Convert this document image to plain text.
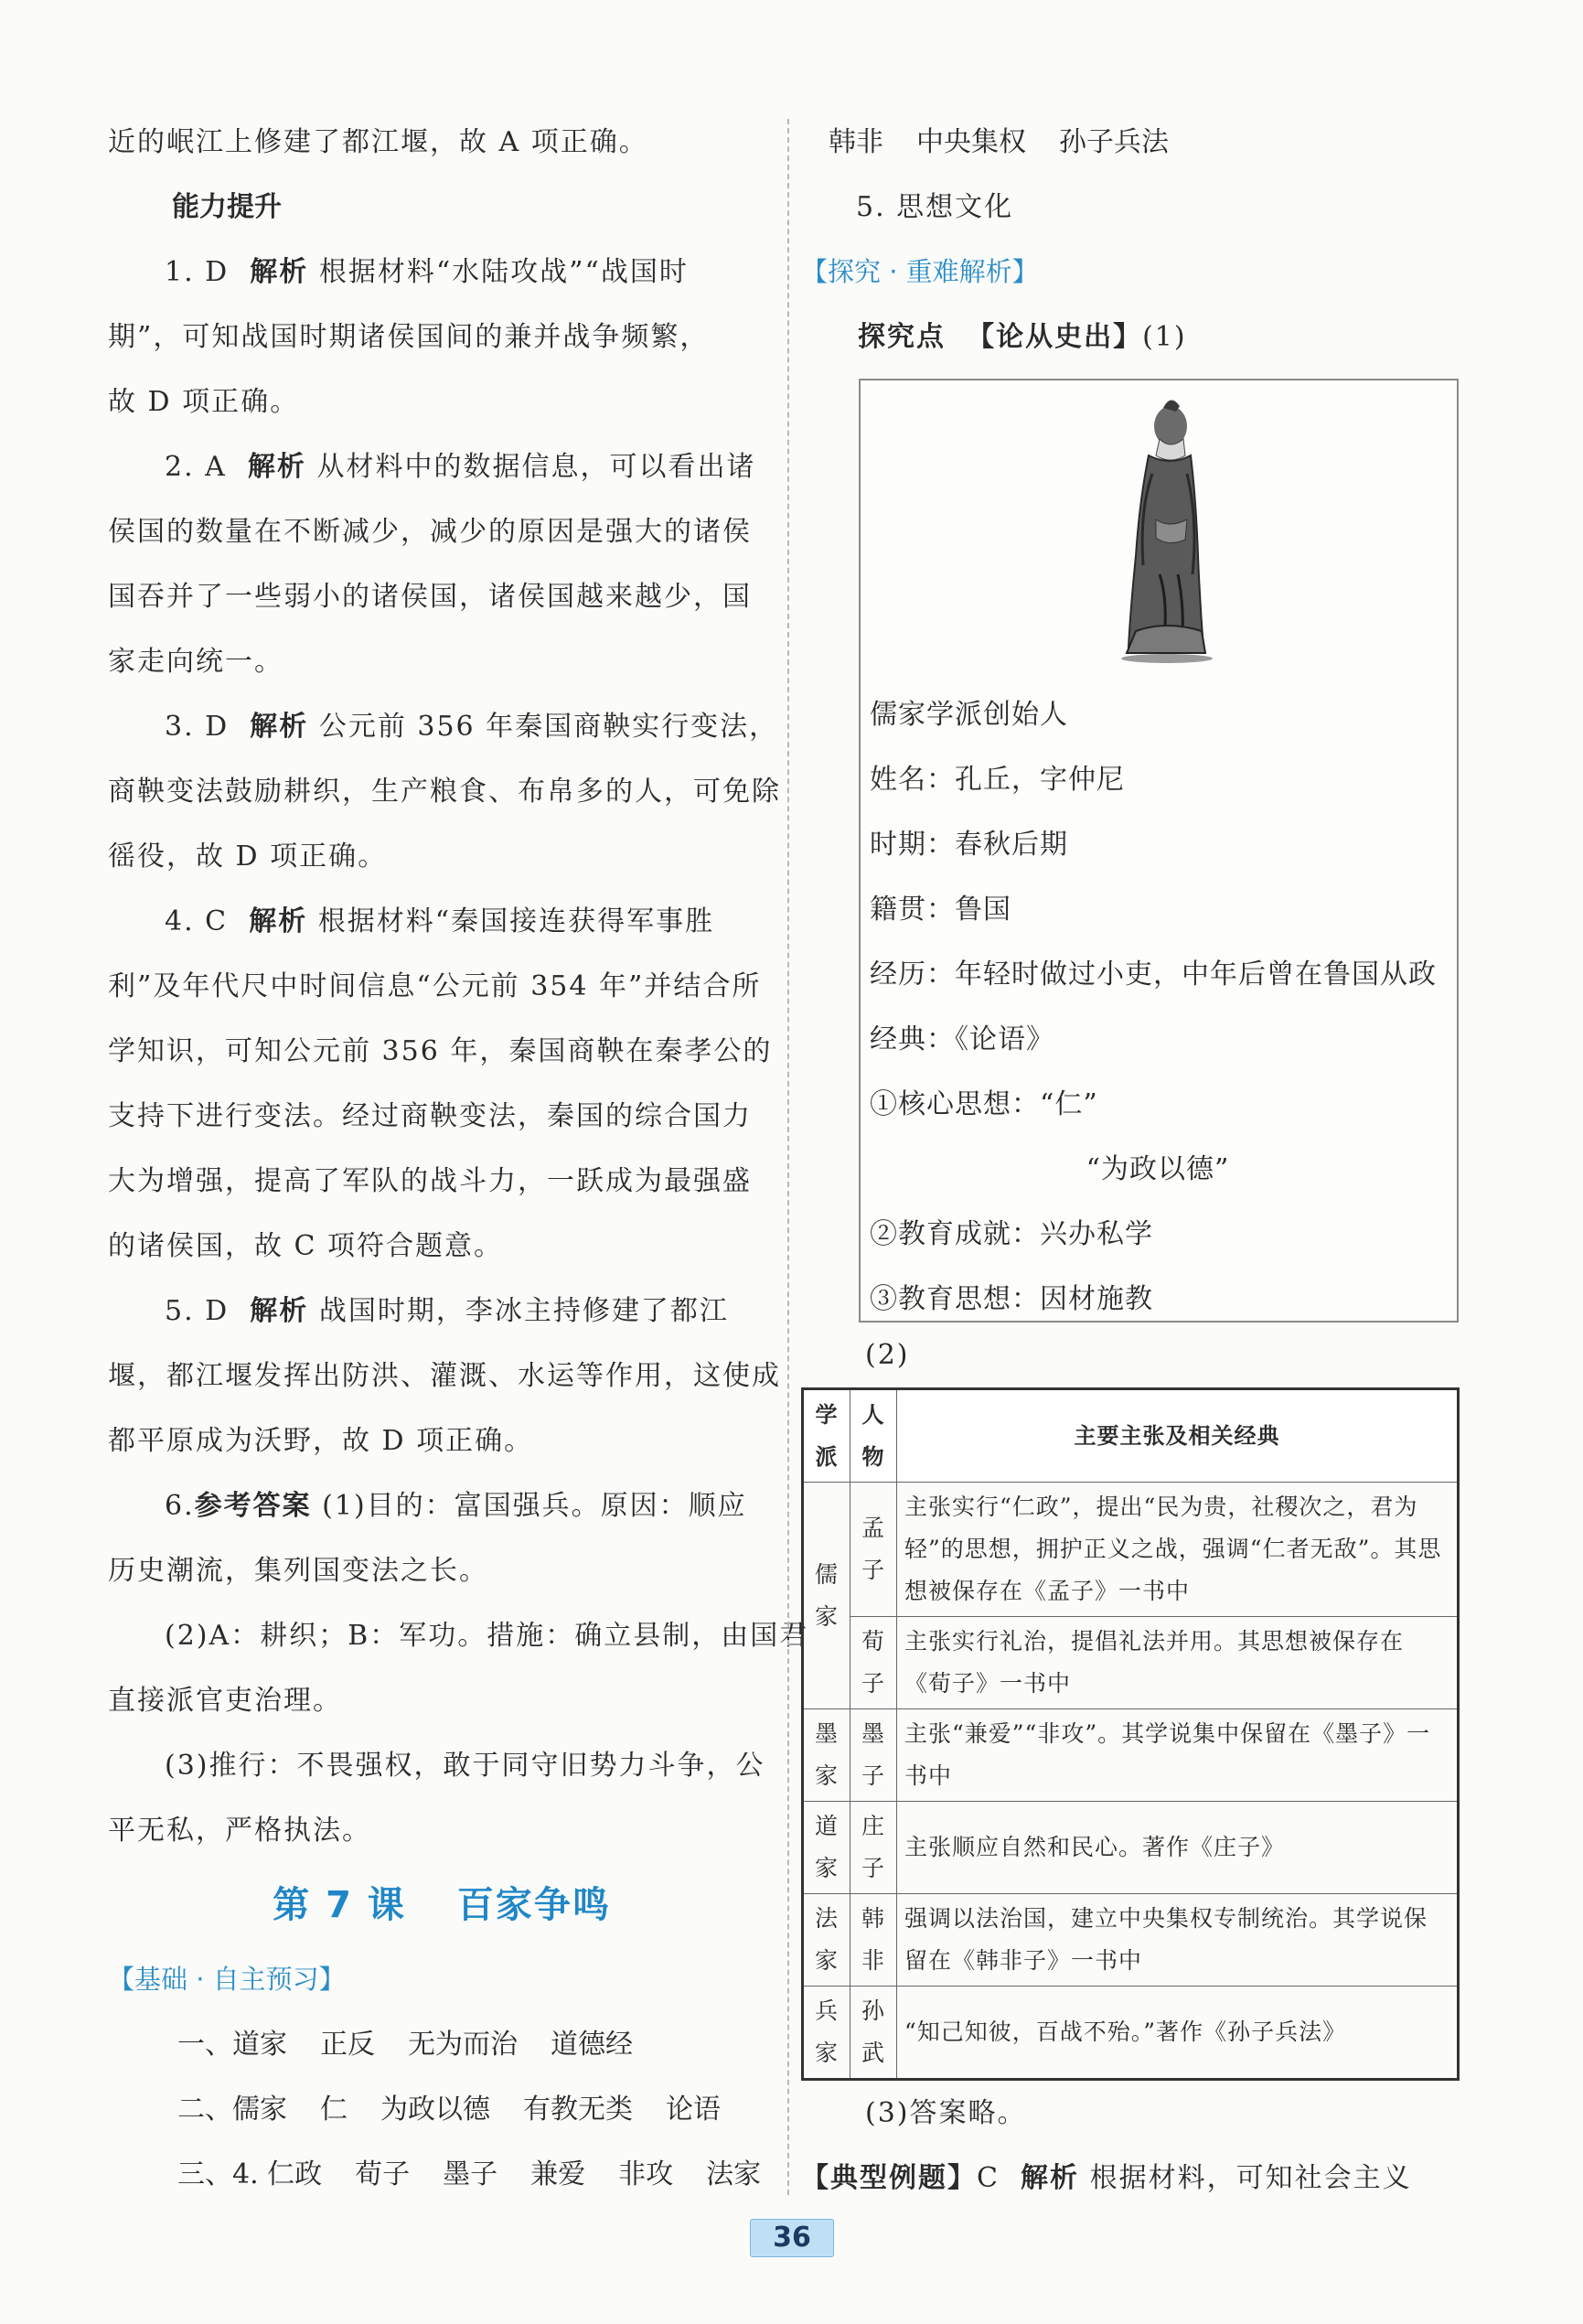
近的岷江上修建了都江堰，故 A 项正确。
能力提升
1. D 解析 根据材料“水陆攻战”“战国时
期”，可知战国时期诸侯国间的兼并战争频繁，
故 D 项正确。
2. A 解析 从材料中的数据信息，可以看出诸
侯国的数量在不断减少，减少的原因是强大的诸侯
国吞并了一些弱小的诸侯国，诸侯国越来越少，国
家走向统一。
3. D 解析 公元前 356 年秦国商鞅实行变法，
商鞅变法鼓励耕织，生产粮食、布帛多的人，可免除
徭役，故 D 项正确。
4. C 解析 根据材料“秦国接连获得军事胜
利”及年代尺中时间信息“公元前 354 年”并结合所
学知识，可知公元前 356 年，秦国商鞅在秦孝公的
支持下进行变法。经过商鞅变法，秦国的综合国力
大为增强，提高了军队的战斗力，一跃成为最强盛
的诸侯国，故 C 项符合题意。
5. D 解析 战国时期，李冰主持修建了都江
堰，都江堰发挥出防洪、灌溉、水运等作用，这使成
都平原成为沃野，故 D 项正确。
6.参考答案 (1)目的：富国强兵。原因：顺应
历史潮流，集列国变法之长。
(2)A：耕织；B：军功。措施：确立县制，由国君
直接派官吏治理。
(3)推行：不畏强权，敢于同守旧势力斗争，公
平无私，严格执法。
第 7 课 百家争鸣
【基础 · 自主预习】
一、道家 正反 无为而治 道德经
二、儒家 仁 为政以德 有教无类 论语
三、4. 仁政 荀子 墨子 兼爱 非攻 法家
韩非 中央集权 孙子兵法
5. 思想文化
【探究 · 重难解析】
探究点 【论从史出】(1)
儒家学派创始人
姓名：孔丘，字仲尼
时期：春秋后期
籍贯：鲁国
经历：年轻时做过小吏，中年后曾在鲁国从政
经典：《论语》
①核心思想：“仁”
“为政以德”
②教育成就：兴办私学
③教育思想：因材施教
(2)
学派	人物	主要主张及相关经典
儒家	孟子	主张实行“仁政”，提出“民为贵，社稷次之，君为轻”的思想，拥护正义之战，强调“仁者无敌”。其思想被保存在《孟子》一书中
	荀子	主张实行礼治，提倡礼法并用。其思想被保存在《荀子》一书中
墨家	墨子	主张“兼爱”“非攻”。其学说集中保留在《墨子》一书中
道家	庄子	主张顺应自然和民心。著作《庄子》
法家	韩非	强调以法治国，建立中央集权专制统治。其学说保留在《韩非子》一书中
兵家	孙武	“知己知彼，百战不殆。”著作《孙子兵法》
(3)答案略。
【典型例题】C 解析 根据材料，可知社会主义
36
